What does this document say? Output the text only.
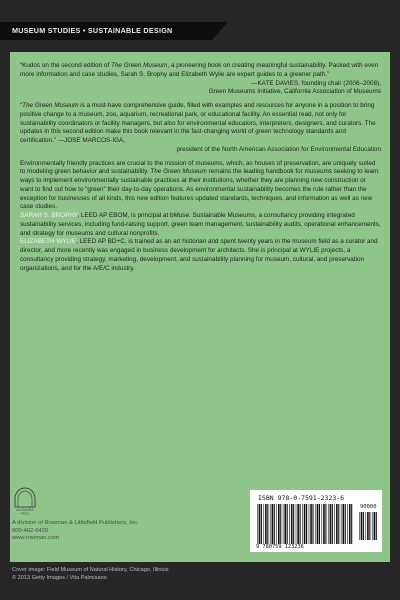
MUSEUM STUDIES • SUSTAINABLE DESIGN

“Kudos on the second edition of The Green Museum, a pioneering book on creating meaningful sustainability. Packed with even more information and case studies, Sarah S. Brophy and Elizabeth Wylie are expert guides to a greener path.”

—KATE DAVIES, founding chair (2006–2008),

Green Museums Initiative, California Association of Museums

“The Green Museum is a must-have comprehensive guide, filled with examples and resources for anyone in a position to bring positive change to a museum, zoo, aquarium, recreational park, or educational facility. An essential read, not only for sustainability coordinators or facility managers, but also for environmental educators, interpreters, designers, and curators. The updates in this second edition make this book relevant in the fast-changing world of green technology standards and certification.” —JOSE MARCOS-IGA,

president of the North American Association for Environmental Education

Environmentally friendly practices are crucial to the mission of museums, which, as houses of preservation, are uniquely suited to modeling green behavior and sustainability. The Green Museum remains the leading handbook for museums seeking to learn ways to implement environmentally sustainable practices at their institutions, whether they are planning new construction or want to find out how to “green” their day-to-day operations. As environmental sustainability becomes the rule rather than the exception for businesses of all kinds, this new edition features updated standards, techniques, and information as well as new case studies.

SARAH S. BROPHY, LEED AP EBOM, is principal at bMuse: Sustainable Museums, a consultancy providing integrated sustainability services, including fund-raising support, green team management, sustainability audits, operational enhancements, and strategy for museums and cultural nonprofits.

ELIZABETH WYLIE, LEED AP BD+C, is trained as an art historian and spent twenty years in the museum field as a curator and director, and more recently was engaged in business development for architects. She is principal at WYLIE projects, a consultancy providing strategy, marketing, development, and sustainability planning for museum, cultural, and preservation organizations, and for the A/E/C industry.

ALTAMIRA
PRESS
A division of Rowman & Littlefield Publishers, Inc.
800-462-6420
www.rowman.com
ISBN 978-0-7591-2323-6
90000
9 780759 123236
Cover image: Field Museum of Natural History, Chicago, Illinois
© 2013 Getty Images / Vita Palmisano
